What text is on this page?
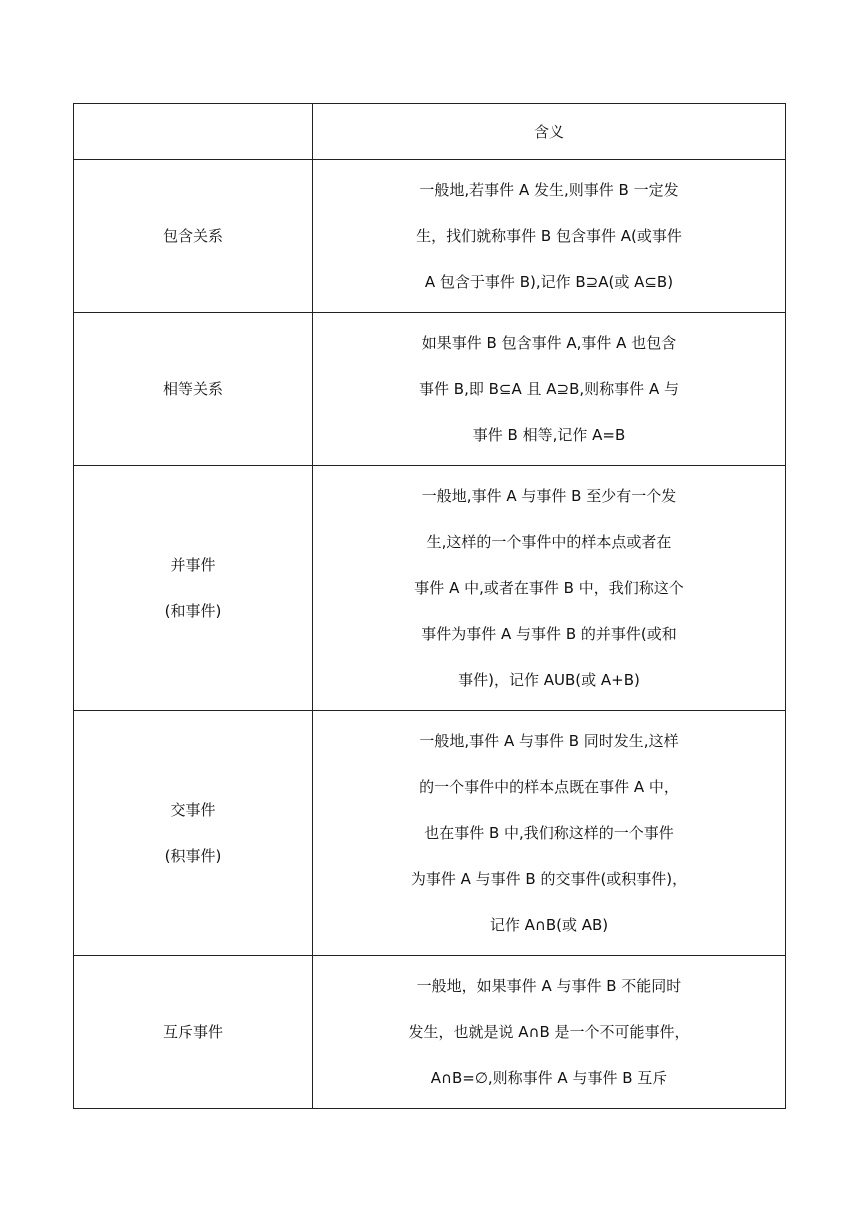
	含义

包含关系	一般地,若事件 A 发生,则事件 B 一定发
生，找们就称事件 B 包含事件 A(或事件
A 包含于事件 B),记作 B⊇A(或 A⊆B)

相等关系	如果事件 B 包含事件 A,事件 A 也包含
事件 B,即 B⊆A 且 A⊇B,则称事件 A 与
事件 B 相等,记作 A=B

并事件
(和事件)	一般地,事件 A 与事件 B 至少有一个发
生,这样的一个事件中的样本点或者在
事件 A 中,或者在事件 B 中，我们称这个
事件为事件 A 与事件 B 的并事件(或和
事件)，记作 AUB(或 A+B)

交事件
(积事件)	一般地,事件 A 与事件 B 同时发生,这样
的一个事件中的样本点既在事件 A 中，
也在事件 B 中,我们称这样的一个事件
为事件 A 与事件 B 的交事件(或积事件)，
记作 A∩B(或 AB)

互斥事件	一般地，如果事件 A 与事件 B 不能同时
发生，也就是说 A∩B 是一个不可能事件，
A∩B=∅,则称事件 A 与事件 B 互斥
